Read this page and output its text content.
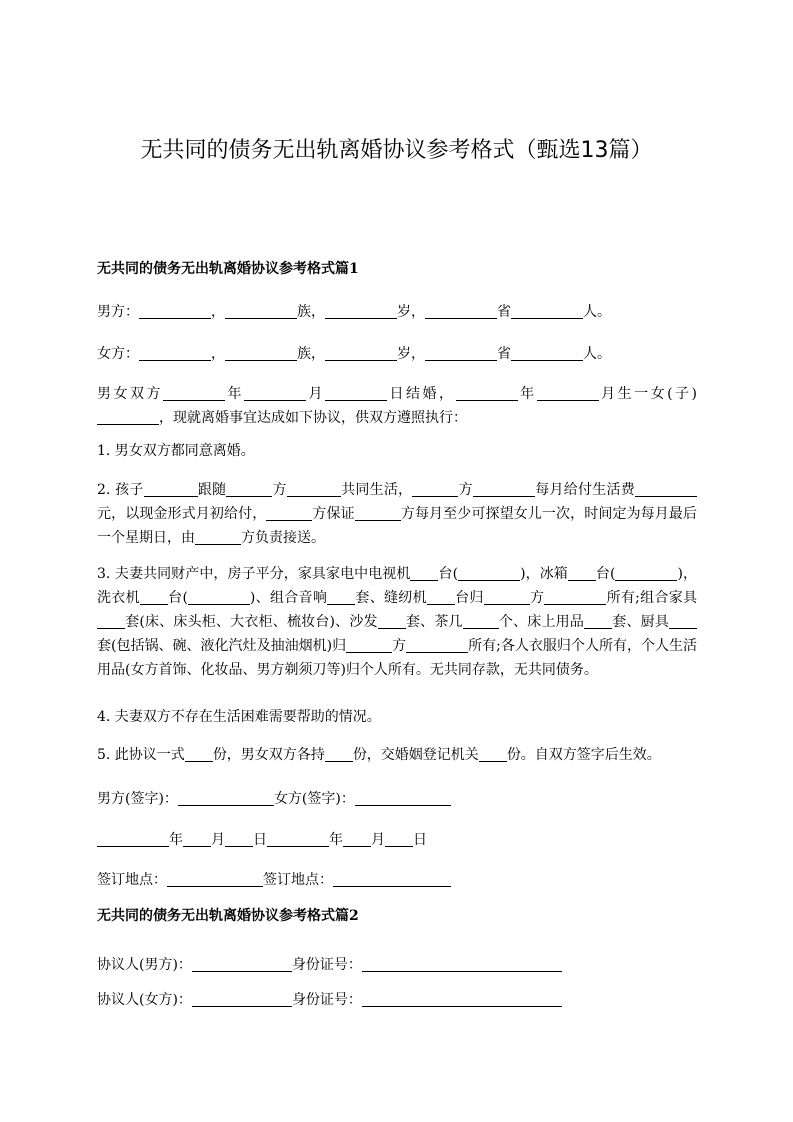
无共同的债务无出轨离婚协议参考格式（甄选13篇）
无共同的债务无出轨离婚协议参考格式篇1
男方：	，	族，	岁，	省	人。
女方：	，	族，	岁，	省	人。
男女双方	年	月	日结婚，	年	月生一女(子)，现就离婚事宜达成如下协议，供双方遵照执行：
1. 男女双方都同意离婚。
2. 孩子	跟随	方	共同生活，	方	每月给付生活费元，以现金形式月初给付，	方保证	方每月至少可探望女儿一次，时间定为每月最后一个星期日，由	方负责接送。
3. 夫妻共同财产中，房子平分，家具家电中电视机 台(	)，冰箱 台(	)，洗衣机 台(	)、组合音响 套、缝纫机 台归	方	所有;组合家具套(床、床头柜、大衣柜、梳妆台)、沙发 套、茶几	个、床上用品 套、厨具套(包括锅、碗、液化汽灶及抽油烟机)归	方	所有;各人衣服归个人所有，个人生活用品(女方首饰、化妆品、男方剃须刀等)归个人所有。无共同存款，无共同债务。
4. 夫妻双方不存在生活困难需要帮助的情况。
5. 此协议一式 份，男女双方各持 份，交婚姻登记机关 份。自双方签字后生效。
男方(签字)：	女方(签字)：
年 月 日	年 月 日
签订地点：	签订地点：
无共同的债务无出轨离婚协议参考格式篇2
协议人(男方)：	身份证号：
协议人(女方)：	身份证号：
